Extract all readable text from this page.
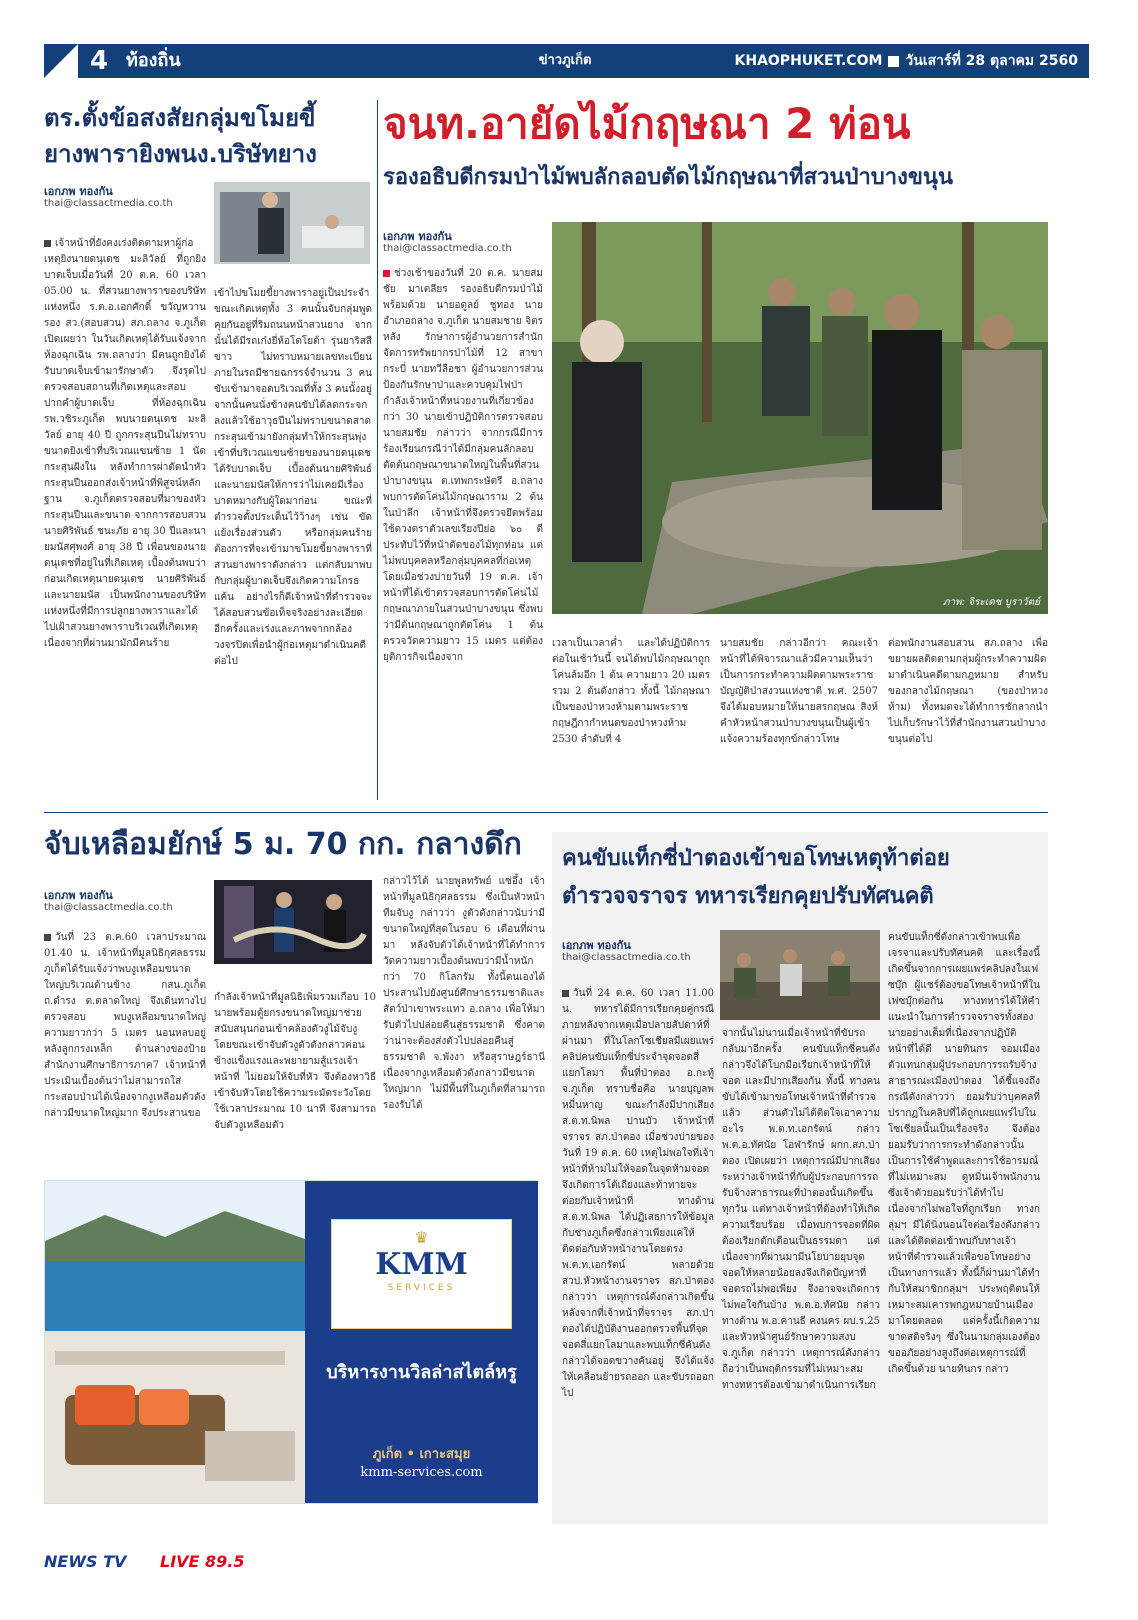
4 ท้องถิ่น	ข่าวภูเก็ต	KHAOPHUKET.COM วันเสาร์ที่ 28 ตุลาคม 2560
ตร.ตั้งข้อสงสัยกลุ่มขโมยขี้
ยางพารายิงพนง.บริษัทยาง
เอกภพ ทองกัน
thai@classactmedia.co.th
เจ้าหน้าที่ยังคงเร่งติดตามหาผู้ก่อเหตุยิงนายดนุเดช มะลิวัลย์ ที่ถูกยิงบาดเจ็บเมื่อวันที่ 20 ต.ค. 60 เวลา 05.00 น. ที่สวนยางพาราของบริษัทแห่งหนึ่ง ร.ต.อ.เอกศักดิ์ ขวัญหวานรอง สว.(สอบสวน) สภ.ถลาง จ.ภูเก็ต เปิดเผยว่า ในวันเกิดเหตุได้รับแจ้งจากห้องฉุกเฉิน รพ.ถลางว่า มีคนถูกยิงได้รับบาดเจ็บเข้ามารักษาตัว จึงรุดไปตรวจสอบสถานที่เกิดเหตุและสอบปากคำผู้บาดเจ็บ ที่ห้องฉุกเฉิน รพ.วชิระภูเก็ต พบนายดนุเดช มะลิวัลย์ อายุ 40 ปี ถูกกระสุนปืนไม่ทราบขนาดยิงเข้าที่บริเวณแขนซ้าย 1 นัด กระสุนฝังใน หลังทำการผ่าตัดนำหัวกระสุนปืนออกส่งเจ้าหน้าที่พิสูจน์หลักฐาน จ.ภูเก็ตตรวจสอบที่มาของหัวกระสุนปืนและขนาด จากการสอบสวนนายศิริพันธ์ ชนะภัย อายุ 30 ปีและนายมนัสศุพงศ์ อายุ 38 ปี เพื่อนของนายดนุเดชที่อยู่ในที่เกิดเหตุ เบื้องต้นพบว่า ก่อนเกิดเหตุนายดนุเดช นายศิริพันธ์และนายมนัส เป็นพนักงานของบริษัทแห่งหนึ่งที่มีการปลูกยางพาราและได้ไปเฝ้าสวนยางพาราบริเวณที่เกิดเหตุ เนื่องจากที่ผ่านมามักมีคนร้าย
เข้าไปขโมยขี้ยางพาราอยู่เป็นประจำ ขณะเกิดเหตุทั้ง 3 คนนั้นจับกลุ่มพูดคุยกันอยู่ที่ริมถนนหน้าสวนยาง จากนั้นได้มีรถเก๋งยี่ห้อโตโยต้า รุ่นยาริสสีขาว ไม่ทราบหมายเลขทะเบียน ภายในรถมีชายฉกรรจ์จำนวน 3 คนขับเข้ามาจอดบริเวณที่ทั้ง 3 คนนั้งอยู่ จากนั้นคนนั่งข้างคนขับได้ลดกระจกลงแล้วใช้อาวุธปืนไม่ทราบขนาดสาดกระสุนเข้ามายังกลุ่มทำให้กระสุนพุ่งเข้าที่บริเวณแขนซ้ายของนายดนุเดชได้รับบาดเจ็บ เบื้องต้นนายศิริพันธ์และนายมนัสให้การว่าไม่เคยมีเรื่องบาดหมางกับผู้ใดมาก่อน ขณะที่ตำรวจตั้งประเด็นไว้ว้างๆ เช่น ขัดแย้งเรื่องส่วนตัว หรือกลุ่มคนร้ายต้องการที่จะเข้ามาขโมยขี้ยางพาราที่สวนยางพาราดังกล่าว แต่กลับมาพบกับกลุ่มผู้บาดเจ็บจึงเกิดความโกรธแค้น อย่างไรก็ดีเจ้าหน้าที่ตำรวจจะได้สอบสวนข้อเท็จจริงอย่างละเอียดอีกครั้งและเร่งและภาพจากกล้องวงจรปิดเพื่อนำผู้ก่อเหตุมาดำเนินคดีต่อไป
จนท.อายัดไม้กฤษณา 2 ท่อน
รองอธิบดีกรมป่าไม้พบลักลอบตัดไม้กฤษณาที่สวนป่าบางขนุน
เอกภพ ทองกัน
thai@classactmedia.co.th
ภาพ: จิระเดช บูราวัตย์
ช่วงเช้าของวันที่ 20 ต.ค. นายสมชัย มาเตลียร รองอธิบดีกรมป่าไม้ พร้อมด้วย นายอดูลย์ ชูทอง นายอำเภอถลาง จ.ภูเก็ต นายสมชาย จิตรหลัง รักษาการผู้อำนวยการสำนักจัดการทรัพยากรป่าไม้ที่ 12 สาขากระบี่ นายทวีลือชา ผู้อำนวยการส่วนป้องกันรักษาป่าและควบคุมไฟป่ากำลังเจ้าหน้าที่หน่วยงานที่เกี่ยวข้องกว่า 30 นายเข้าปฏิบัติการตรวจสอบ นายสมชัย กล่าวว่า จากกรณีมีการร้องเรียนกรณีว่าได้มีกลุ่มคนลักลอบตัดต้นกฤษณาขนาดใหญ่ในพื้นที่สวนป่าบางขนุน ต.เทพกระษัตรี อ.ถลาง พบการตัดโค่นไม้กฤษณาราม 2 ต้นในป่าลึก เจ้าหน้าที่จึงตรวจยึดพร้อมใช้ดวงตราตัวเลขเรียงปีย่อ ๖๐ ตีประทับไว้ที่หน้าตัดของไม้ทุกท่อน แต่ไม่พบบุคคลหรือกลุ่มบุคคลที่ก่อเหตุ โดยเมื่อช่วงบ่ายวันที่ 19 ต.ค. เจ้าหน้าที่ได้เข้าตรวจสอบการตัดโค่นไม้กฤษณาภายในสวนป่าบางขนุน ซึ่งพบว่ามีต้นกฤษณาถูกตัดโค่น 1 ต้น ตรวจวัดความยาว 15 เมตร แต่ต้องยุติการกิจเนื่องจาก
เวลาเป็นเวลาค่ำ และได้ปฏิบัติการต่อในเช้าวันนี้ จนได้พบไม้กฤษณาถูกโค่นล้มอีก 1 ต้น ความยาว 20 เมตร รวม 2 ต้นดังกล่าว ทั้งนี้ ไม้กฤษณาเป็นของป่าหวงห้ามตามพระราชกฤษฎีกากำหนดของป่าหวงห้าม 2530 ลำดับที่ 4
นายสมชัย กล่าวอีกว่า คณะเจ้าหน้าที่ได้พิจารณาแล้วมีความเห็นว่า เป็นการกระทำความผิดตามพระราชบัญญัติป่าสงวนแห่งชาติ พ.ศ. 2507 จึงได้มอบหมายให้นายสรกฤษณ สิงห์คำหัวหน้าสวนป่าบางขนุนเป็นผู้เข้าแจ้งความร้องทุกข์กล่าวโทษ
ต่อพนักงานสอบสวน สภ.ถลาง เพื่อขยายผลติดตามกลุ่มผู้กระทำความผิดมาดำเนินคดีตามกฎหมาย สำหรับของกลางไม้กฤษณา (ของป่าหวงห้าม) ทั้งหมดจะได้ทำการชักลากนำไปเก็บรักษาไว้ที่สำนักงานสวนป่าบางขนุนต่อไป
จับเหลือมยักษ์ 5 ม. 70 กก. กลางดึก
เอกภพ ทองกัน
thai@classactmedia.co.th
วันที่ 23 ต.ค.60 เวลาประมาณ 01.40 น. เจ้าหน้าที่มูลนิธิกุศลธรรมภูเก็ตได้รับแจ้งว่าพบงูเหลือมขนาดใหญ่บริเวณด้านข้าง กสน.ภูเก็ต ถ.ดำรง ต.ตลาดใหญ่ จึงเดินทางไปตรวจสอบ พบงูเหลือมขนาดใหญ่ ความยาวกว่า 5 เมตร นอนหลบอยู่หลังลูกกรงเหล็ก ด้านล่างของป้ายสำนักงานศึกษาธิการภาค7 เจ้าหน้าที่ประเมินเบื้องต้นว่าไม่สามารถใส่กระสอบป่านได้เนื่องจากงูเหลือมตัวดังกล่าวมีขนาดใหญ่มาก จึงประสานขอ
กำลังเจ้าหน้าที่มูลนิธิเพิ่มรวมเกือบ 10 นายพร้อมตู้ยกรงขนาดใหญ่มาช่วยสนับสนุนก่อนเข้าคล้องตัวงูไม้จับงู โดยขณะเข้าจับตัวงูตัวดังกล่าวค่อนข้างแข็งแรงและพยายามสู้แรงเจ้าหน้าที่ ไม่ยอมให้จับที่หัว จึงต้องหาวิธีเข้าจับหัวโดยใช้ความระมัดระวังโดยใช้เวลาประมาณ 10 นาที จึงสามารถจับตัวงูเหลือมตัว
กล่าวไว้ได้ นายพูลทรัพย์ แซ่อึ้ง เจ้าหน้าที่มูลนิธิกุศลธรรม ซึ่งเป็นหัวหน้าทีมจับงู กล่าวว่า งูตัวดังกล่าวนับว่ามีขนาดใหญ่ที่สุดในรอบ 6 เดือนที่ผ่านมา หลังจับตัวได้เจ้าหน้าที่ได้ทำการวัดความยาวเบื้องต้นพบว่ามีน้ำหนักกว่า 70 กิโลกรัม ทั้งนี้ตนเองได้ประสานไปยังศูนย์ศึกษาธรรมชาติและสัตว์ป่าเขาพระแทว อ.ถลาง เพื่อให้มารับตัวไปปล่อยคืนสู่ธรรมชาติ ซึ่งคาดว่าน่าจะต้องส่งตัวไปปล่อยคืนสู่ธรรมชาติ จ.พังงา หรือสุราษฎร์ธานี เนื่องจากงูเหลือมตัวดังกล่าวมีขนาดใหญ่มาก ไม่มีพื้นที่ในภูเก็ตที่สามารถรองรับได้
คนขับแท็กซี่ป่าตองเข้าขอโทษเหตุท้าต่อย
ตำรวจจราจร ทหารเรียกคุยปรับทัศนคติ
เอกภพ ทองกัน
thai@classactmedia.co.th
วันที่ 24 ต.ค. 60 เวลา 11.00 น. ทหารได้มีการเรียกคุยคู่กรณี ภายหลังจากเหตุเมื่อปลายสัปดาห์ที่ผ่านมา ที่ในโลกโซเชียลมีเผยแพร่คลิปคนขับแท็กซี่ประจำจุดจอดสี่แยกโลมา พื้นที่ป่าตอง อ.กะทู้ จ.ภูเก็ต ทราบชื่อคือ นายบุญลพ หมื่นหาญ ขณะกำลังมีปากเสียง ส.ต.ท.นิพล ปานบัว เจ้าหน้าที่จราจร สภ.ป่าตอง เมื่อช่วงบ่ายของวันที่ 19 ต.ค. 60 เหตุไม่พอใจที่เจ้าหน้าที่ห้ามไม่ให้จอดในจุดห้ามจอด จึงเกิดการโต้เถียงและท้าทายจะต่อยกับเจ้าหน้าที่ ทางด้าน ส.ต.ท.นิพล ได้ปฏิเสธการให้ข้อมูลกับช่างภูเก็ตซึ่งกล่าวเพียงแค่ให้ติดต่อกับหัวหน้างานโดยตรง พ.ต.ท.เอกรัตน์ พลายด้วย สวป.หัวหน้างานจราจร สภ.ป่าตอง กล่าวว่า เหตุการณ์ดังกล่าวเกิดขึ้นหลังจากที่เจ้าหน้าที่จราจร สภ.ป่าตองได้ปฏิบัติงานออกตรวจพื้นที่จุดจอดสี่แยกโลมาและพบแท็กซี่คันดังกล่าวได้จอดขวางคันอยู่ จึงได้แจ้งให้เคลื่อนย้ายรถออก และขับรถออกไป
จากนั้นไม่นานเมื่อเจ้าหน้าที่ขับรถกลับมาอีกครั้ง คนขับแท็กซี่คนดังกล่าวจึงได้โบกมือเรียกเจ้าหน้าที่ให้จอด และมีปากเสียงกัน ทั้งนี้ ทางคนขับได้เข้ามาขอโทษเจ้าหน้าที่ตำรวจแล้ว ส่วนตัวไม่ได้ติดใจเอาความอะไร พ.ต.ท.เอกรัตน์ กล่าว พ.ต.อ.ทัศนัย โอฬารักษ์ ผกก.สภ.ป่าตอง เปิดเผยว่า เหตุการณ์มีปากเสียงระหว่างเจ้าหน้าที่กับผู้ประกอบการรถรับจ้างสาธารณะที่ป่าตองนั้นเกิดขึ้นทุกวัน แต่ทางเจ้าหน้าที่ต้องทำให้เกิดความเรียบร้อย เมื่อพบการจอดที่ผิดต้องเรียกตักเตือนเป็นธรรมดา แต่เนื่องจากที่ผ่านมามีนโยบายยุบจุดจอดให้หลายน้อยลงจึงเกิดปัญหาที่จอดรถไม่พอเพียง จึงอาจจะเกิดการไม่พอใจกันบ้าง พ.ต.อ.ทัศนัย กล่าว ทางด้าน พ.อ.คานธี คงนคร ผบ.ร.25 และหัวหน้าศูนย์รักษาความสงบ จ.ภูเก็ต กล่าวว่า เหตุการณ์ดังกล่าวถือว่าเป็นพฤติกรรมที่ไม่เหมาะสม ทางทหารต้องเข้ามาดำเนินการเรียก
คนขับแท็กซี่ดังกล่าวเข้าพบเพื่อเจรจาและปรับทัศนคติ และเรื่องนี้เกิดขึ้นจากการเผยแพร่คลิปลงในเฟซบุ๊ก ผู้แชร์ต้องขอโทษเจ้าหน้าที่ในเฟซบุ๊กต่อกัน ทางทหารได้ให้คำแนะนำในการตำรวจจราจรทั้งสองนายอย่างเต็มที่เนื่องจากปฏิบัติหน้าที่ได้ดี นายทินกร จอมเมืองตัวแทนกลุ่มผู้ประกอบการรถรับจ้างสาธารณะเมืองป่าตอง ได้ชี้แจงถึงกรณีดังกล่าวว่า ยอมรับว่าบุคคลที่ปรากฏในคลิปที่ได้ถูกเผยแพร่ไปในโซเชียลนั้นเป็นเรื่องจริง จึงต้องยอมรับว่าการกระทำดังกล่าวนั้นเป็นการใช้คำพูดและการใช้อารมณ์ที่ไม่เหมาะสม ดูหมิ่นเจ้าพนักงาน ซึ่งเจ้าตัวยอมรับว่าได้ทำไปเนื่องจากไม่พอใจที่ถูกเรียก ทางกลุ่มฯ มีได้นิ่งนอนใจต่อเรื่องดังกล่าว และได้ติดต่อเข้าพบกับทางเจ้าหน้าที่ตำรวจแล้วเพื่อขอโทษอย่างเป็นทางการแล้ว ทั้งนี้ก็ผ่านมาได้ทำกับให้สมาชิกกลุ่มฯ ประพฤติตนให้เหมาะสมเคารพกฎหมายบ้านเมืองมาโดยตลอด แต่ครั้งนี้เกิดความขาดสติจริงๆ ซึ่งในนามกลุ่มเองต้องขออภัยอย่างสูงถึงต่อเหตุการณ์ที่เกิดขึ้นด้วย นายทินกร กล่าว
♛
KMM
SERVICES
บริหารงานวิลล่าสไตล์หรู
ภูเก็ต • เกาะสมุย
kmm-services.com
NEWS TV LIVE 89.5
